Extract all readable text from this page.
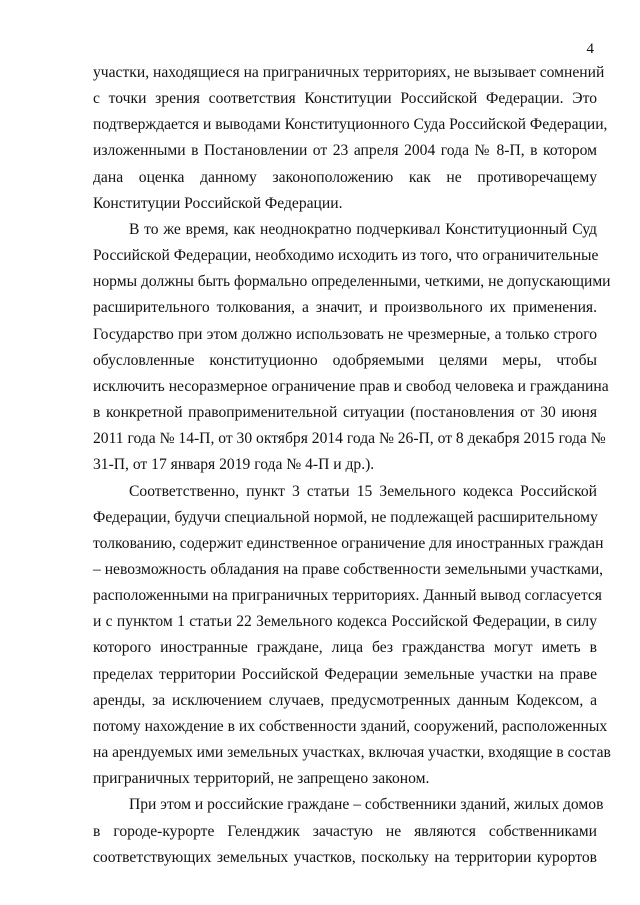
4

участки, находящиеся на приграничных территориях, не вызывает сомнений
с точки зрения соответствия Конституции Российской Федерации. Это
подтверждается и выводами Конституционного Суда Российской Федерации,
изложенными в Постановлении от 23 апреля 2004 года № 8-П, в котором
дана оценка данному законоположению как не противоречащему
Конституции Российской Федерации.

В то же время, как неоднократно подчеркивал Конституционный Суд
Российской Федерации, необходимо исходить из того, что ограничительные
нормы должны быть формально определенными, четкими, не допускающими
расширительного толкования, а значит, и произвольного их применения.
Государство при этом должно использовать не чрезмерные, а только строго
обусловленные конституционно одобряемыми целями меры, чтобы
исключить несоразмерное ограничение прав и свобод человека и гражданина
в конкретной правоприменительной ситуации (постановления от 30 июня
2011 года № 14-П, от 30 октября 2014 года № 26-П, от 8 декабря 2015 года №
31-П, от 17 января 2019 года № 4-П и др.).

Соответственно, пункт 3 статьи 15 Земельного кодекса Российской
Федерации, будучи специальной нормой, не подлежащей расширительному
толкованию, содержит единственное ограничение для иностранных граждан
– невозможность обладания на праве собственности земельными участками,
расположенными на приграничных территориях. Данный вывод согласуется
и с пунктом 1 статьи 22 Земельного кодекса Российской Федерации, в силу
которого иностранные граждане, лица без гражданства могут иметь в
пределах территории Российской Федерации земельные участки на праве
аренды, за исключением случаев, предусмотренных данным Кодексом, а
потому нахождение в их собственности зданий, сооружений, расположенных
на арендуемых ими земельных участках, включая участки, входящие в состав
приграничных территорий, не запрещено законом.

При этом и российские граждане – собственники зданий, жилых домов
в городе-курорте Геленджик зачастую не являются собственниками
соответствующих земельных участков, поскольку на территории курортов
